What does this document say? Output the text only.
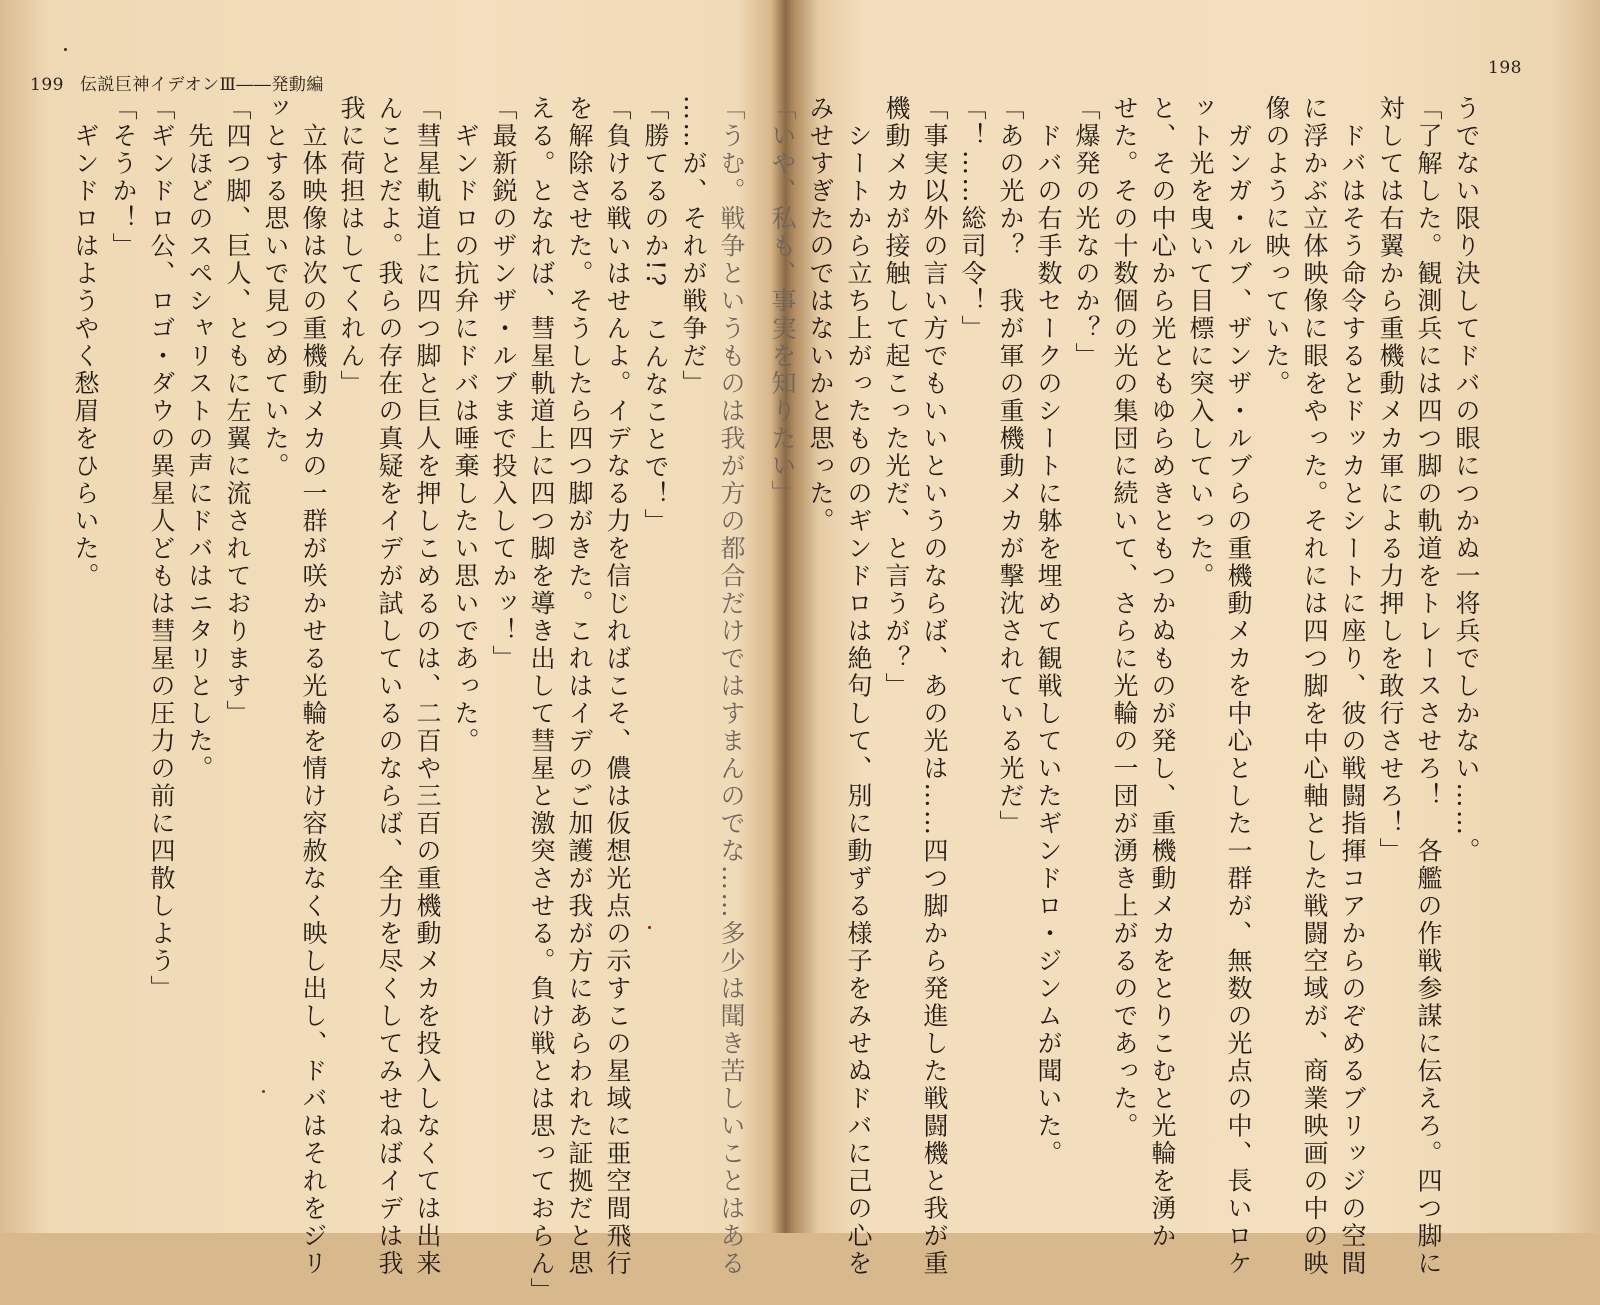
199 伝説巨神イデオンⅢ――発動編
198
うでない限り決してドバの眼につかぬ一将兵でしかない……。
「了解した。観測兵には四つ脚の軌道をトレースさせろ！　各艦の作戦参謀に伝えろ。四つ脚に
対しては右翼から重機動メカ軍による力押しを敢行させろ！」
　ドバはそう命令するとドッカとシートに座り、彼の戦闘指揮コアからのぞめるブリッジの空間
に浮かぶ立体映像に眼をやった。それには四つ脚を中心軸とした戦闘空域が、商業映画の中の映
像のように映っていた。
　ガンガ・ルブ、ザンザ・ルブらの重機動メカを中心とした一群が、無数の光点の中、長いロケ
ット光を曳いて目標に突入していった。
と、その中心から光ともゆらめきともつかぬものが発し、重機動メカをとりこむと光輪を湧か
せた。その十数個の光の集団に続いて、さらに光輪の一団が湧き上がるのであった。
「爆発の光なのか？」
　ドバの右手数セークのシートに躰を埋めて観戦していたギンドロ・ジンムが聞いた。
「あの光か？　我が軍の重機動メカが撃沈されている光だ」
「！……総司令！」
「事実以外の言い方でもいいというのならば、あの光は……四つ脚から発進した戦闘機と我が重
機動メカが接触して起こった光だ、と言うが？」
　シートから立ち上がったもののギンドロは絶句して、別に動ずる様子をみせぬドバに己の心を
みせすぎたのではないかと思った。
「いや、私も、事実を知りたい」
「うむ。戦争というものは我が方の都合だけではすまんのでな……多少は聞き苦しいことはある
……が、それが戦争だ」
「勝てるのか!?　こんなことで！」
「負ける戦いはせんよ。イデなる力を信じればこそ、儂は仮想光点の示すこの星域に亜空間飛行
を解除させた。そうしたら四つ脚がきた。これはイデのご加護が我が方にあらわれた証拠だと思
える。となれば、彗星軌道上に四つ脚を導き出して彗星と激突させる。負け戦とは思っておらん」
「最新鋭のザンザ・ルブまで投入してかッ！」
　ギンドロの抗弁にドバは唾棄したい思いであった。
「彗星軌道上に四つ脚と巨人を押しこめるのは、二百や三百の重機動メカを投入しなくては出来
んことだよ。我らの存在の真疑をイデが試しているのならば、全力を尽くしてみせねばイデは我
我に荷担はしてくれん」
　立体映像は次の重機動メカの一群が咲かせる光輪を情け容赦なく映し出し、ドバはそれをジリ
ッとする思いで見つめていた。
「四つ脚、巨人、ともに左翼に流されております」
　先ほどのスペシャリストの声にドバはニタリとした。
「ギンドロ公、ロゴ・ダウの異星人どもは彗星の圧力の前に四散しよう」
「そうか！」
　ギンドロはようやく愁眉をひらいた。
